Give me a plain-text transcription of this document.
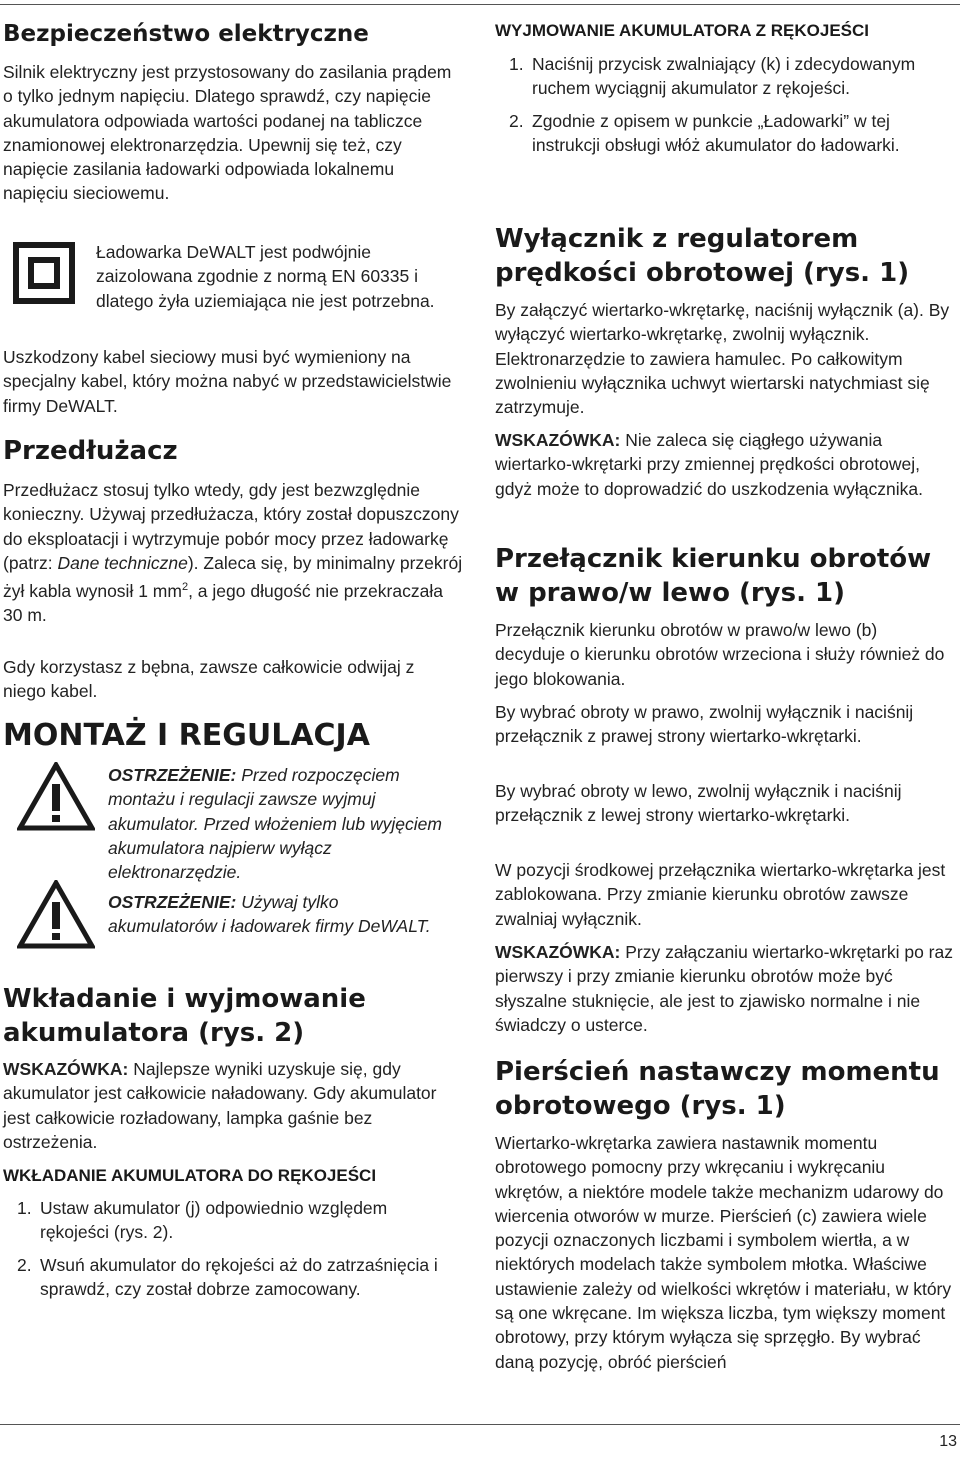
Bezpieczeństwo elektryczne

Silnik elektryczny jest przystosowany do zasilania prądem o tylko jednym napięciu. Dlatego sprawdź, czy napięcie akumulatora odpowiada wartości podanej na tabliczce znamionowej elektronarzędzia. Upewnij się też, czy napięcie zasilania ładowarki odpowiada lokalnemu napięciu sieciowemu.

Ładowarka DeWALT jest podwójnie zaizolowana zgodnie z normą EN 60335 i dlatego żyła uziemiająca nie jest potrzebna.

Uszkodzony kabel sieciowy musi być wymieniony na specjalny kabel, który można nabyć w przedstawicielstwie firmy DeWALT.

Przedłużacz

Przedłużacz stosuj tylko wtedy, gdy jest bezwzględnie konieczny. Używaj przedłużacza, który został dopuszczony do eksploatacji i wytrzymuje pobór mocy przez ładowarkę (patrz: Dane techniczne). Zaleca się, by minimalny przekrój żył kabla wynosił 1 $mm^2$, a jego długość nie przekraczała 30 m.

Gdy korzystasz z bębna, zawsze całkowicie odwijaj z niego kabel.

MONTAŻ I REGULACJA

OSTRZEŻENIE: Przed rozpoczęciem montażu i regulacji zawsze wyjmuj akumulator. Przed włożeniem lub wyjęciem akumulatora najpierw wyłącz elektronarzędzie.

OSTRZEŻENIE: Używaj tylko akumulatorów i ładowarek firmy DeWALT.

Wkładanie i wyjmowanie
akumulatora (rys. 2)

WSKAZÓWKA: Najlepsze wyniki uzyskuje się, gdy akumulator jest całkowicie naładowany. Gdy akumulator jest całkowicie rozładowany, lampka gaśnie bez ostrzeżenia.

WKŁADANIE AKUMULATORA DO RĘKOJEŚCI
1. Ustaw akumulator (j) odpowiednio względem rękojeści (rys. 2).
2. Wsuń akumulator do rękojeści aż do zatrzaśnięcia i sprawdź, czy został dobrze zamocowany.
WYJMOWANIE AKUMULATORA Z RĘKOJEŚCI
1. Naciśnij przycisk zwalniający (k) i zdecydowanym ruchem wyciągnij akumulator z rękojeści.
2. Zgodnie z opisem w punkcie „Ładowarki” w tej instrukcji obsługi włóż akumulator do ładowarki.
Wyłącznik z regulatorem
prędkości obrotowej (rys. 1)

By załączyć wiertarko-wkrętarkę, naciśnij wyłącznik (a). By wyłączyć wiertarko-wkrętarkę, zwolnij wyłącznik. Elektronarzędzie to zawiera hamulec. Po całkowitym zwolnieniu wyłącznika uchwyt wiertarski natychmiast się zatrzymuje.

WSKAZÓWKA: Nie zaleca się ciągłego używania wiertarko-wkrętarki przy zmiennej prędkości obrotowej, gdyż może to doprowadzić do uszkodzenia wyłącznika.

Przełącznik kierunku obrotów
w prawo/w lewo (rys. 1)

Przełącznik kierunku obrotów w prawo/w lewo (b) decyduje o kierunku obrotów wrzeciona i służy również do jego blokowania.

By wybrać obroty w prawo, zwolnij wyłącznik i naciśnij przełącznik z prawej strony wiertarko-wkrętarki.

By wybrać obroty w lewo, zwolnij wyłącznik i naciśnij przełącznik z lewej strony wiertarko-wkrętarki.

W pozycji środkowej przełącznika wiertarko-wkrętarka jest zablokowana. Przy zmianie kierunku obrotów zawsze zwalniaj wyłącznik.

WSKAZÓWKA: Przy załączaniu wiertarko-wkrętarki po raz pierwszy i przy zmianie kierunku obrotów może być słyszalne stuknięcie, ale jest to zjawisko normalne i nie świadczy o usterce.

Pierścień nastawczy momentu
obrotowego (rys. 1)

Wiertarko-wkrętarka zawiera nastawnik momentu obrotowego pomocny przy wkręcaniu i wykręcaniu wkrętów, a niektóre modele także mechanizm udarowy do wiercenia otworów w murze. Pierścień (c) zawiera wiele pozycji oznaczonych liczbami i symbolem wiertła, a w niektórych modelach także symbolem młotka. Właściwe ustawienie zależy od wielkości wkrętów i materiału, w który są one wkręcane. Im większa liczba, tym większy moment obrotowy, przy którym wyłącza się sprzęgło. By wybrać daną pozycję, obróć pierścień

13
